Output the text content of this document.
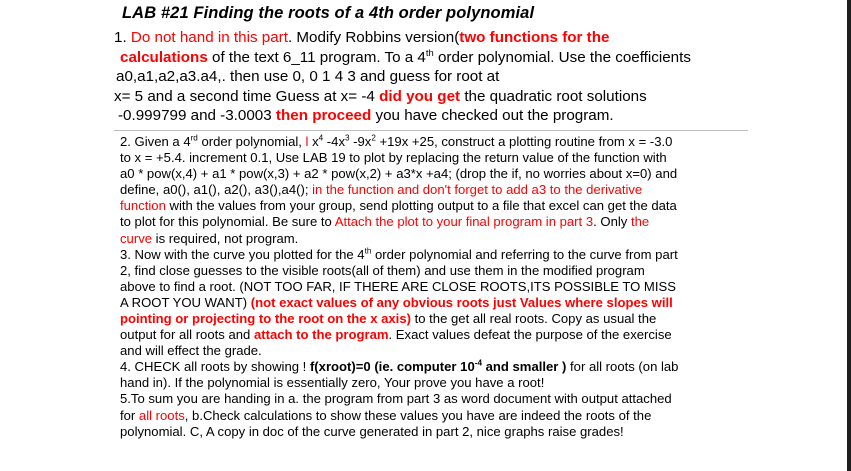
LAB #21 Finding the roots of a 4th order polynomial
1. Do not hand in this part. Modify Robbins version(two functions for the
calculations of the text 6_11 program. To a 4th order polynomial. Use the coefficients
a0,a1,a2,a3.a4,. then use 0, 0 1 4 3 and guess for root at
x= 5 and a second time Guess at x= -4 did you get the quadratic root solutions
-0.999799 and -3.0003 then proceed you have checked out the program.
2. Given a 4rd order polynomial, l $x^4$ $-4x^3$ $-9x^2 +19x +25$, construct a plotting routine from x = -3.0
to x = +5.4. increment 0.1, Use LAB 19 to plot by replacing the return value of the function with
a0 * pow(x,4) + a1 * pow(x,3) + a2 * pow(x,2) + a3*x +a4; (drop the if, no worries about x=0) and
define, a0(), a1(), a2(), a3(),a4(); in the function and don't forget to add a3 to the derivative
function with the values from your group, send plotting output to a file that excel can get the data
to plot for this polynomial. Be sure to Attach the plot to your final program in part 3. Only the
curve is required, not program.
3. Now with the curve you plotted for the 4th order polynomial and referring to the curve from part
2, find close guesses to the visible roots(all of them) and use them in the modified program
above to find a root. (NOT TOO FAR, IF THERE ARE CLOSE ROOTS,ITS POSSIBLE TO MISS
A ROOT YOU WANT) (not exact values of any obvious roots just Values where slopes will
pointing or projecting to the root on the x axis) to the get all real roots. Copy as usual the
output for all roots and attach to the program. Exact values defeat the purpose of the exercise
and will effect the grade.
4. CHECK all roots by showing ! f(xroot)=0 (ie. computer $10^{-4}$ and smaller ) for all roots (on lab
hand in). If the polynomial is essentially zero, Your prove you have a root!
5.To sum you are handing in a. the program from part 3 as word document with output attached
for all roots, b.Check calculations to show these values you have are indeed the roots of the
polynomial. C, A copy in doc of the curve generated in part 2, nice graphs raise grades!
